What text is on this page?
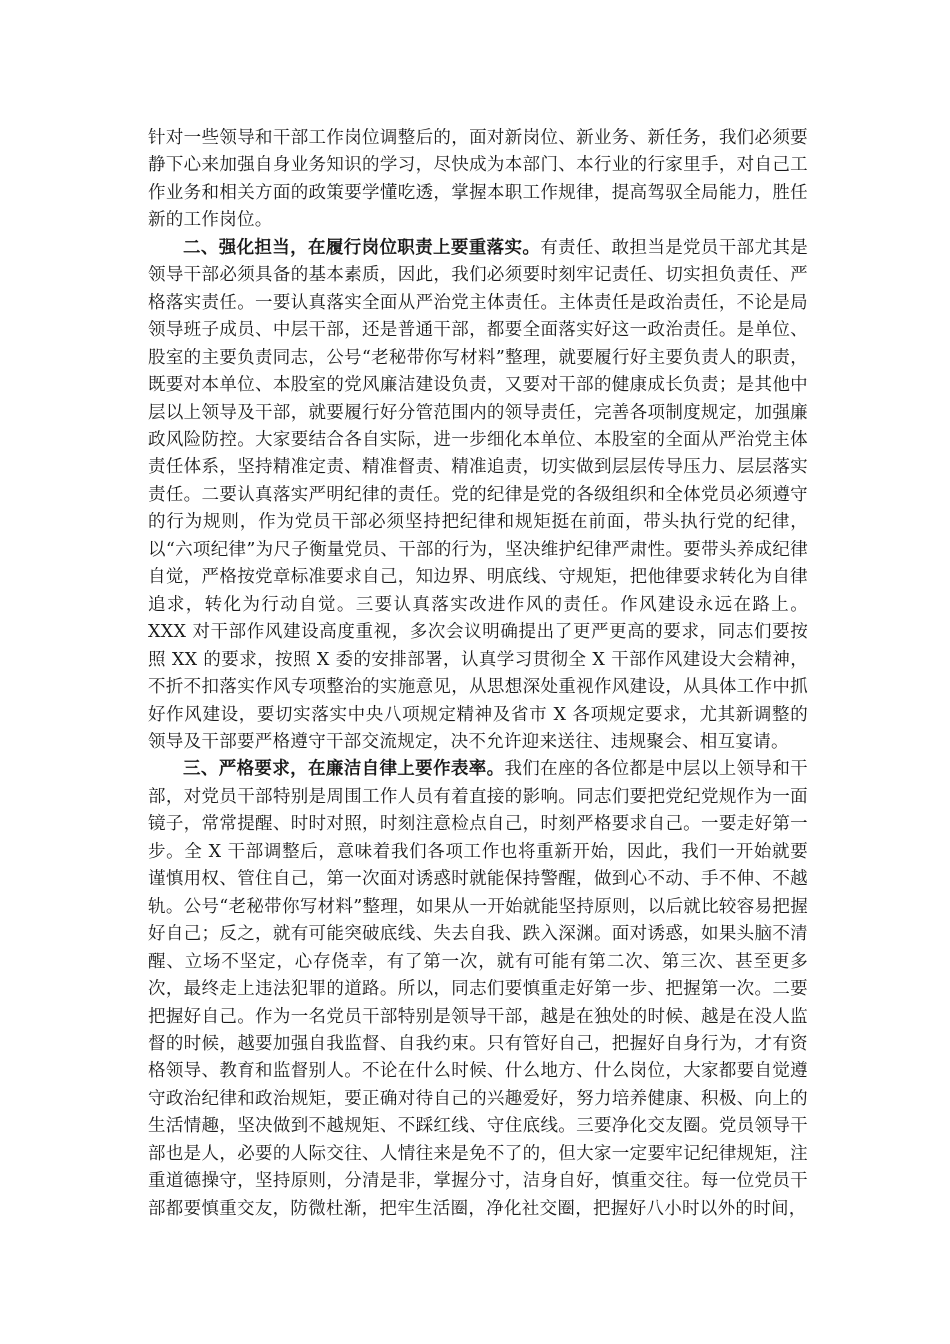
针对一些领导和干部工作岗位调整后的，面对新岗位、新业务、新任务，我们必须要静下心来加强自身业务知识的学习，尽快成为本部门、本行业的行家里手，对自己工作业务和相关方面的政策要学懂吃透，掌握本职工作规律，提高驾驭全局能力，胜任新的工作岗位。

二、强化担当，在履行岗位职责上要重落实。有责任、敢担当是党员干部尤其是领导干部必须具备的基本素质，因此，我们必须要时刻牢记责任、切实担负责任、严格落实责任。一要认真落实全面从严治党主体责任。主体责任是政治责任，不论是局领导班子成员、中层干部，还是普通干部，都要全面落实好这一政治责任。是单位、股室的主要负责同志，公号“老秘带你写材料”整理，就要履行好主要负责人的职责，既要对本单位、本股室的党风廉洁建设负责，又要对干部的健康成长负责；是其他中层以上领导及干部，就要履行好分管范围内的领导责任，完善各项制度规定，加强廉政风险防控。大家要结合各自实际，进一步细化本单位、本股室的全面从严治党主体责任体系，坚持精准定责、精准督责、精准追责，切实做到层层传导压力、层层落实责任。二要认真落实严明纪律的责任。党的纪律是党的各级组织和全体党员必须遵守的行为规则，作为党员干部必须坚持把纪律和规矩挺在前面，带头执行党的纪律，以“六项纪律”为尺子衡量党员、干部的行为，坚决维护纪律严肃性。要带头养成纪律自觉，严格按党章标准要求自己，知边界、明底线、守规矩，把他律要求转化为自律追求，转化为行动自觉。三要认真落实改进作风的责任。作风建设永远在路上。XXX 对干部作风建设高度重视，多次会议明确提出了更严更高的要求，同志们要按照 XX 的要求，按照 X 委的安排部署，认真学习贯彻全 X 干部作风建设大会精神，不折不扣落实作风专项整治的实施意见，从思想深处重视作风建设，从具体工作中抓好作风建设，要切实落实中央八项规定精神及省市 X 各项规定要求，尤其新调整的领导及干部要严格遵守干部交流规定，决不允许迎来送往、违规聚会、相互宴请。

三、严格要求，在廉洁自律上要作表率。我们在座的各位都是中层以上领导和干部，对党员干部特别是周围工作人员有着直接的影响。同志们要把党纪党规作为一面镜子，常常提醒、时时对照，时刻注意检点自己，时刻严格要求自己。一要走好第一步。全 X 干部调整后，意味着我们各项工作也将重新开始，因此，我们一开始就要谨慎用权、管住自己，第一次面对诱惑时就能保持警醒，做到心不动、手不伸、不越轨。公号“老秘带你写材料”整理，如果从一开始就能坚持原则，以后就比较容易把握好自己；反之，就有可能突破底线、失去自我、跌入深渊。面对诱惑，如果头脑不清醒、立场不坚定，心存侥幸，有了第一次，就有可能有第二次、第三次、甚至更多次，最终走上违法犯罪的道路。所以，同志们要慎重走好第一步、把握第一次。二要把握好自己。作为一名党员干部特别是领导干部，越是在独处的时候、越是在没人监督的时候，越要加强自我监督、自我约束。只有管好自己，把握好自身行为，才有资格领导、教育和监督别人。不论在什么时候、什么地方、什么岗位，大家都要自觉遵守政治纪律和政治规矩，要正确对待自己的兴趣爱好，努力培养健康、积极、向上的生活情趣，坚决做到不越规矩、不踩红线、守住底线。三要净化交友圈。党员领导干部也是人，必要的人际交往、人情往来是免不了的，但大家一定要牢记纪律规矩，注重道德操守，坚持原则，分清是非，掌握分寸，洁身自好，慎重交往。每一位党员干部都要慎重交友，防微杜渐，把牢生活圈，净化社交圈，把握好八小时以外的时间，
